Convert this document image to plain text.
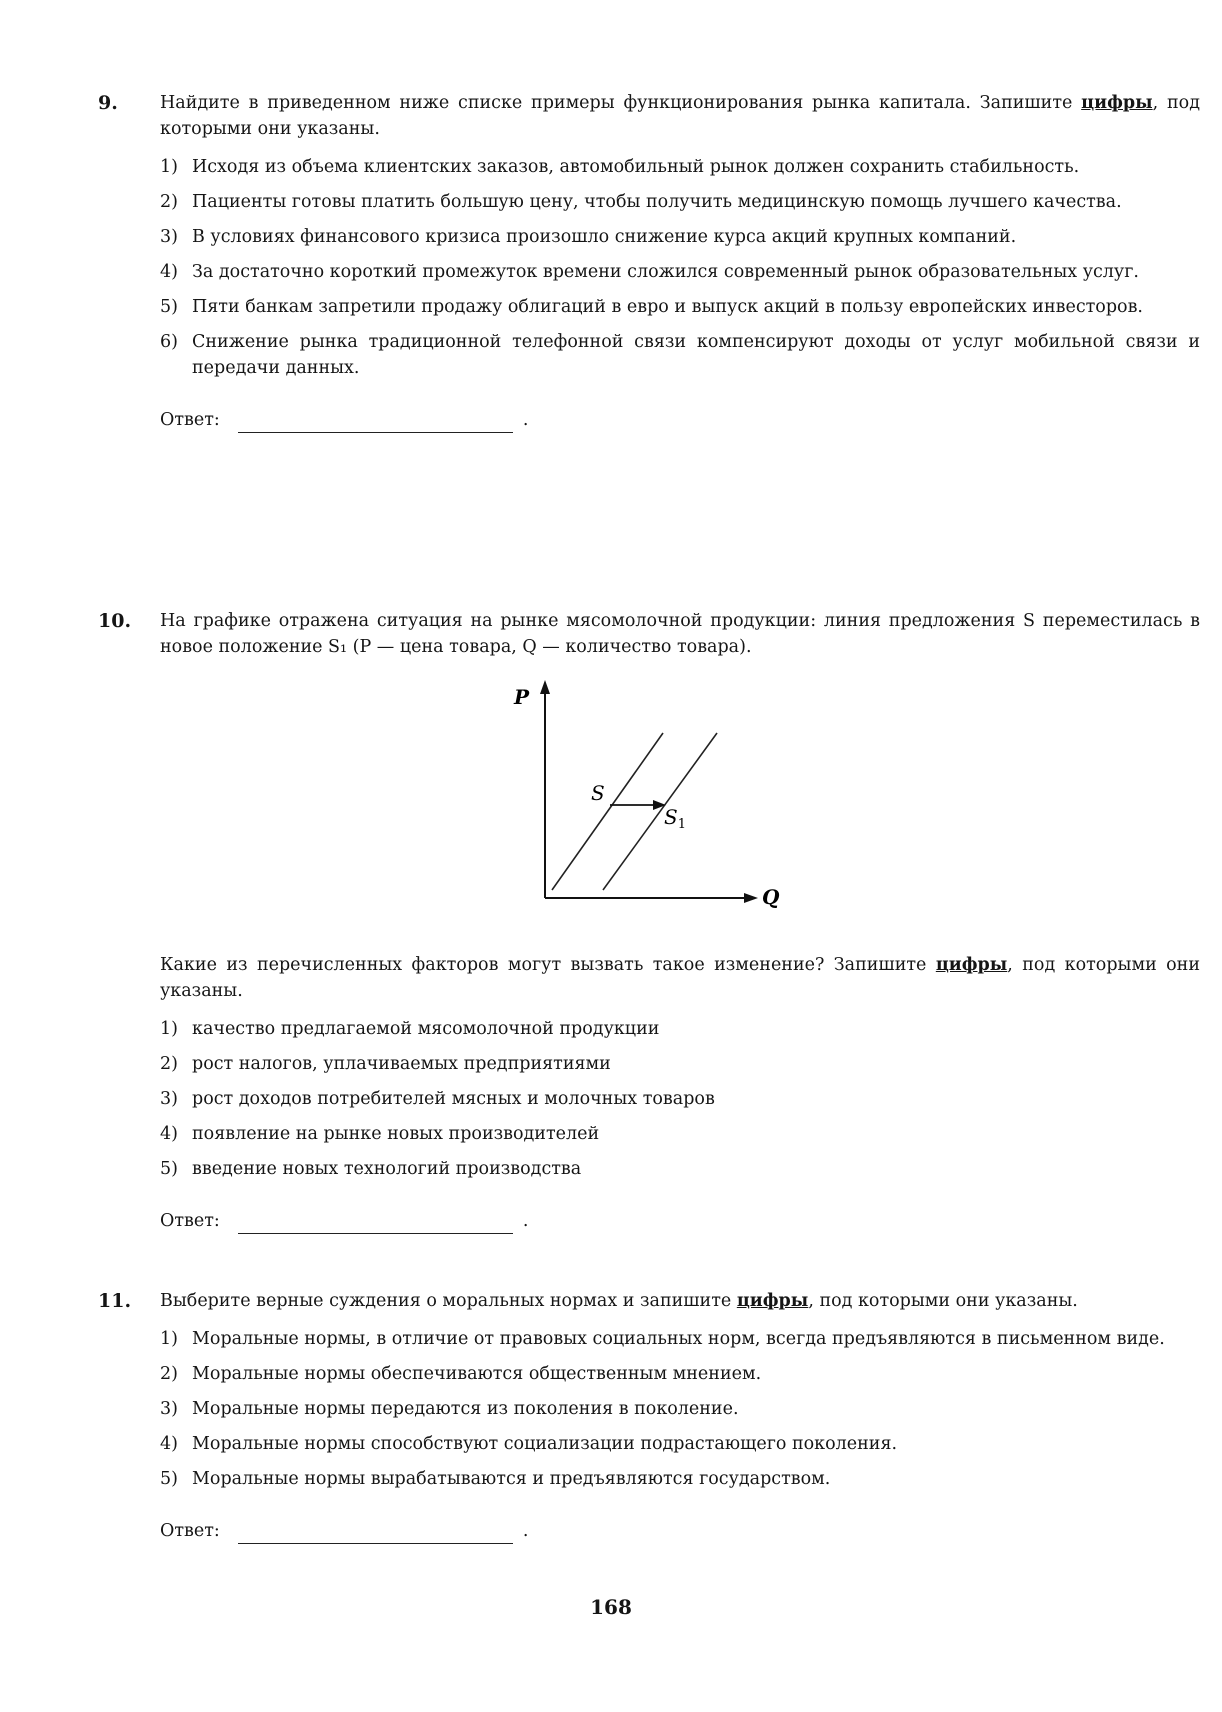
9. Найдите в приведенном ниже списке примеры функционирования рынка капитала. Запишите цифры, под которыми они указаны.
1) Исходя из объема клиентских заказов, автомобильный рынок должен сохранить стабильность.
2) Пациенты готовы платить большую цену, чтобы получить медицинскую помощь лучшего качества.
3) В условиях финансового кризиса произошло снижение курса акций крупных компаний.
4) За достаточно короткий промежуток времени сложился современный рынок образовательных услуг.
5) Пяти банкам запретили продажу облигаций в евро и выпуск акций в пользу европейских инвесторов.
6) Снижение рынка традиционной телефонной связи компенсируют доходы от услуг мобильной связи и передачи данных.
Ответ:	.
10. На графике отражена ситуация на рынке мясомолочной продукции: линия предложения S переместилась в новое положение S₁ (P — цена товара, Q — количество товара).
P
Q
S
$S_1$
Какие из перечисленных факторов могут вызвать такое изменение? Запишите цифры, под которыми они указаны.
1) качество предлагаемой мясомолочной продукции
2) рост налогов, уплачиваемых предприятиями
3) рост доходов потребителей мясных и молочных товаров
4) появление на рынке новых производителей
5) введение новых технологий производства
Ответ:	.
11. Выберите верные суждения о моральных нормах и запишите цифры, под которыми они указаны.
1) Моральные нормы, в отличие от правовых социальных норм, всегда предъявляются в письменном виде.
2) Моральные нормы обеспечиваются общественным мнением.
3) Моральные нормы передаются из поколения в поколение.
4) Моральные нормы способствуют социализации подрастающего поколения.
5) Моральные нормы вырабатываются и предъявляются государством.
Ответ:	.
168
